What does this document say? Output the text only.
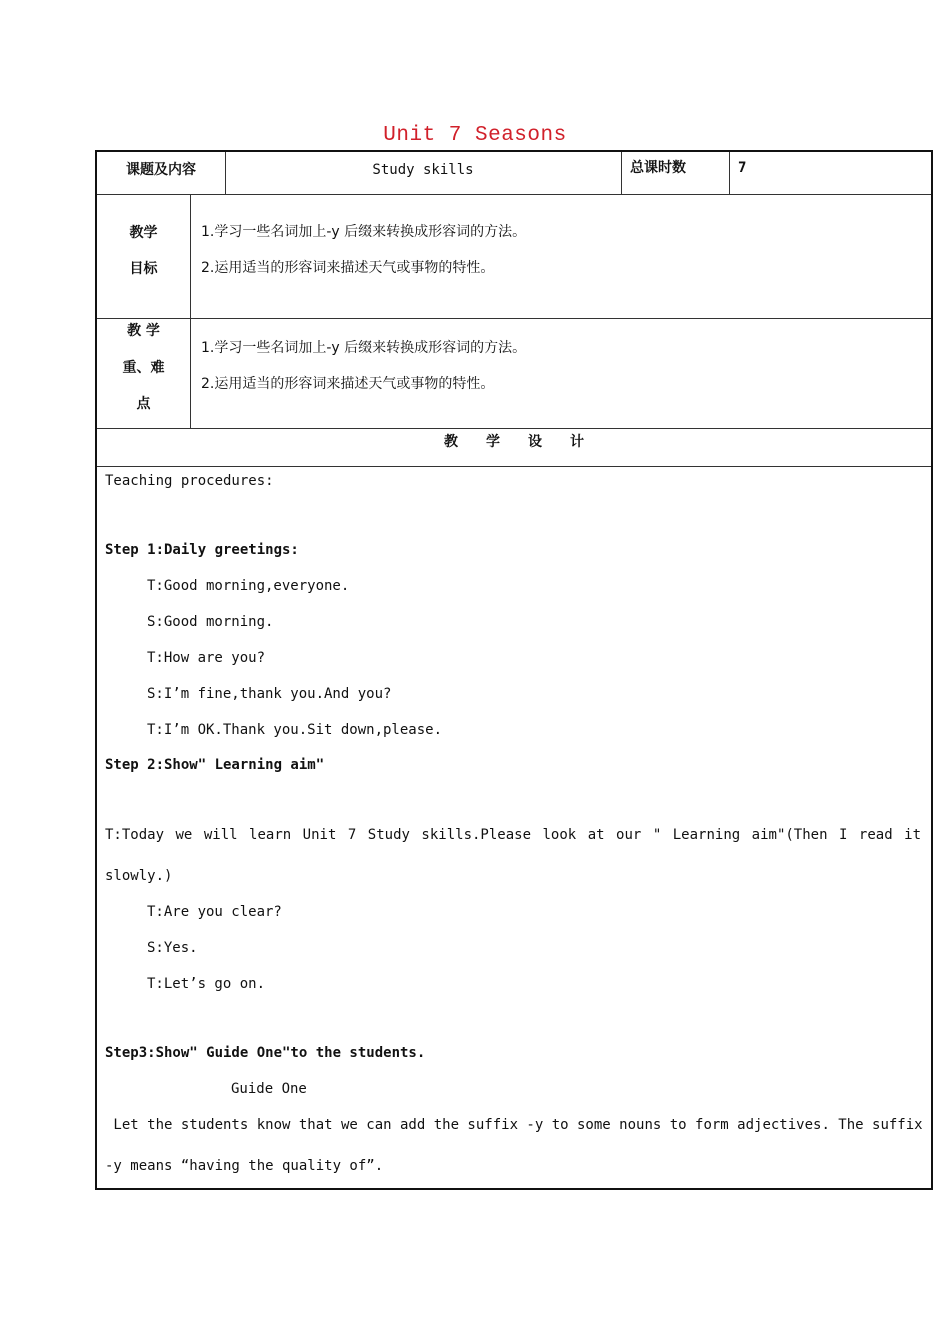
Unit 7 Seasons
课题及内容	Study skills	总课时数	7
教学
目标
1.学习一些名词加上-y 后缀来转换成形容词的方法。
2.运用适当的形容词来描述天气或事物的特性。
教 学
重、难
点
1.学习一些名词加上-y 后缀来转换成形容词的方法。
2.运用适当的形容词来描述天气或事物的特性。
教　　学　　设　　计
Teaching procedures:
Step 1:Daily greetings:
T:Good morning,everyone.
S:Good morning.
T:How are you?
S:I’m fine,thank you.And you?
T:I’m OK.Thank you.Sit down,please.
Step 2:Show" Learning aim"
T:Today we will learn Unit 7 Study skills.Please look at our " Learning aim"(Then I read it
slowly.)
T:Are you clear?
S:Yes.
T:Let’s go on.
Step3:Show" Guide One"to the students.
Guide One
Let the students know that we can add the suffix -y to some nouns to form adjectives. The suffix
-y means “having the quality of”.
